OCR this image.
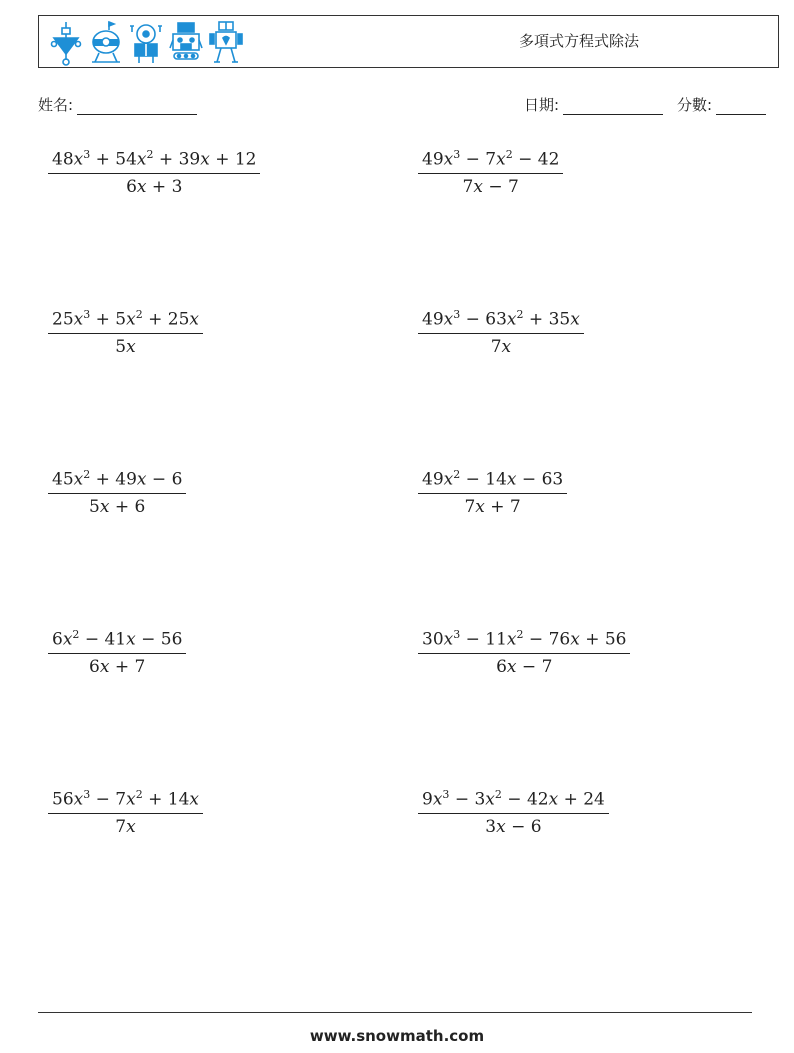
多項式方程式除法
姓名:	日期:	分數:
$\frac{48x^3 + 54x^2 + 39x + 12}{6x + 3}$	$\frac{49x^3 - 7x^2 - 42}{7x - 7}$
$\frac{25x^3 + 5x^2 + 25x}{5x}$	$\frac{49x^3 - 63x^2 + 35x}{7x}$
$\frac{45x^2 + 49x - 6}{5x + 6}$	$\frac{49x^2 - 14x - 63}{7x + 7}$
$\frac{6x^2 - 41x - 56}{6x + 7}$	$\frac{30x^3 - 11x^2 - 76x + 56}{6x - 7}$
$\frac{56x^3 - 7x^2 + 14x}{7x}$	$\frac{9x^3 - 3x^2 - 42x + 24}{3x - 6}$
www.snowmath.com
